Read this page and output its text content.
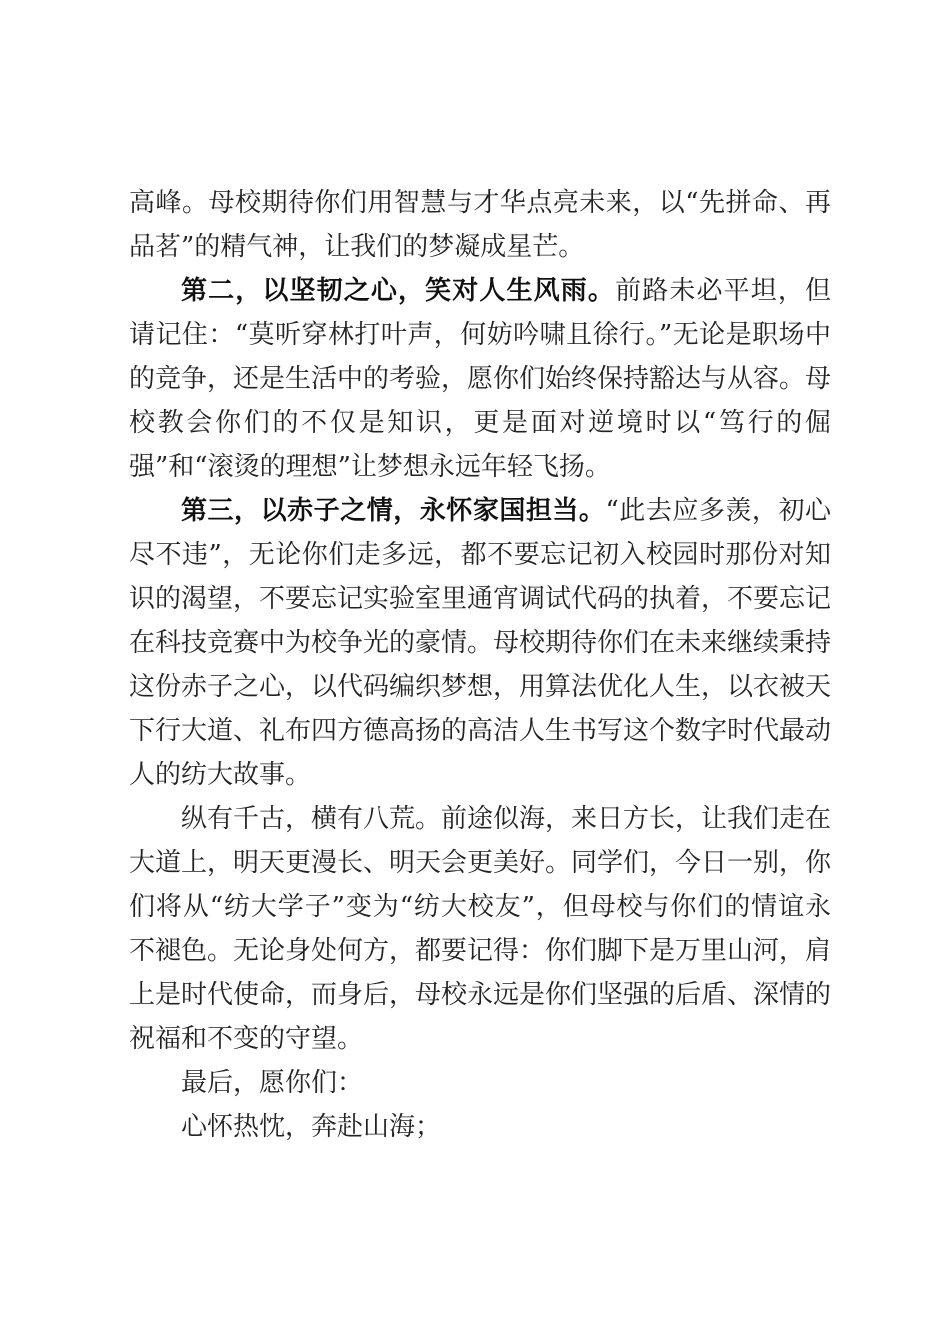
高峰。母校期待你们用智慧与才华点亮未来，以“先拼命、再品茗”的精气神，让我们的梦凝成星芒。

第二，以坚韧之心，笑对人生风雨。前路未必平坦，但请记住：“莫听穿林打叶声，何妨吟啸且徐行。”无论是职场中的竞争，还是生活中的考验，愿你们始终保持豁达与从容。母校教会你们的不仅是知识，更是面对逆境时以“笃行的倔强”和“滚烫的理想”让梦想永远年轻飞扬。

第三，以赤子之情，永怀家国担当。“此去应多羡，初心尽不违”，无论你们走多远，都不要忘记初入校园时那份对知识的渴望，不要忘记实验室里通宵调试代码的执着，不要忘记在科技竞赛中为校争光的豪情。母校期待你们在未来继续秉持这份赤子之心，以代码编织梦想，用算法优化人生，以衣被天下行大道、礼布四方德高扬的高洁人生书写这个数字时代最动人的纺大故事。

纵有千古，横有八荒。前途似海，来日方长，让我们走在大道上，明天更漫长、明天会更美好。同学们，今日一别，你们将从“纺大学子”变为“纺大校友”，但母校与你们的情谊永不褪色。无论身处何方，都要记得：你们脚下是万里山河，肩上是时代使命，而身后，母校永远是你们坚强的后盾、深情的祝福和不变的守望。

最后，愿你们：

心怀热忱，奔赴山海；
